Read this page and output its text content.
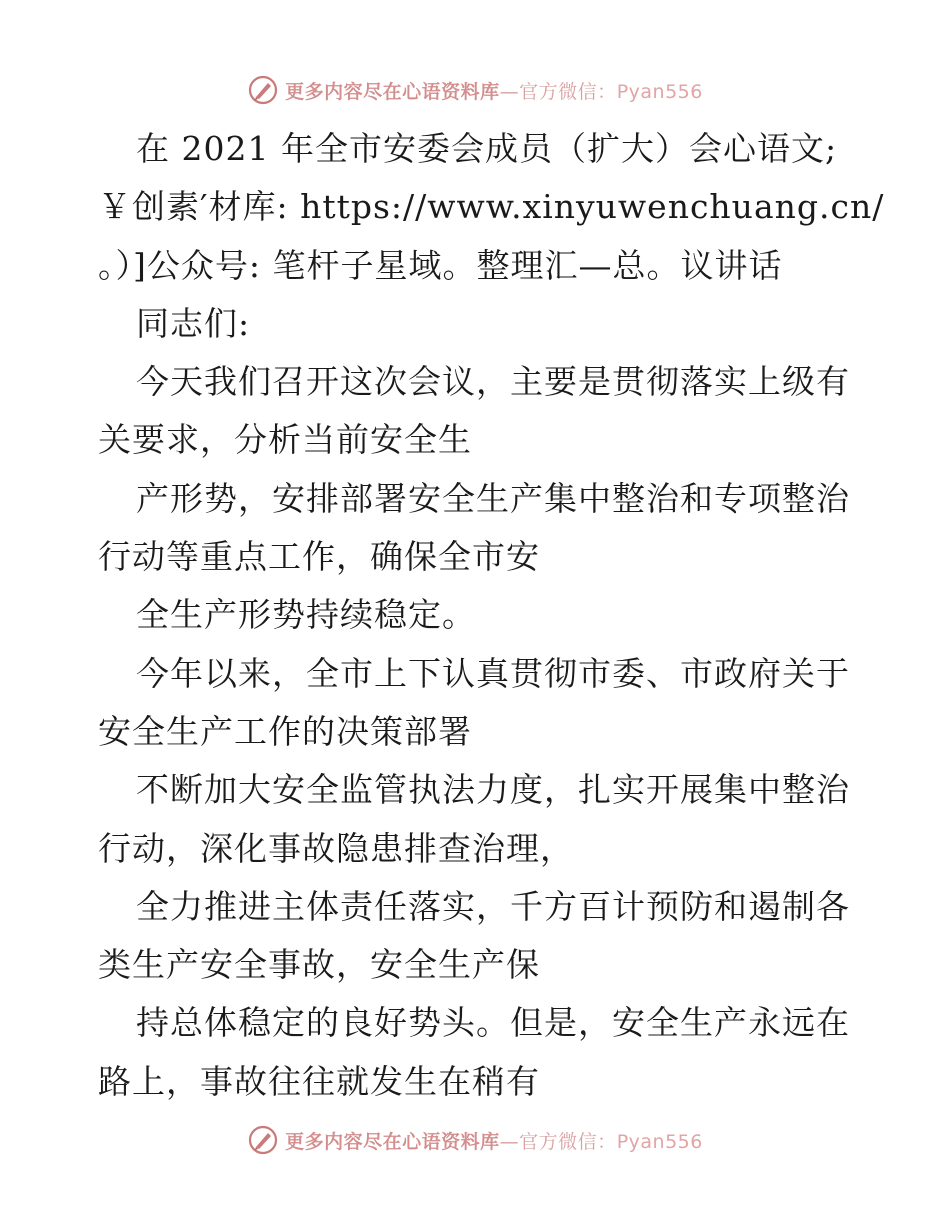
更多内容尽在心语资料库—官方微信：Pyan556
在 2021 年全市安委会成员（扩大）会心语文;
￥创素′材库: https://www.xinyuwenchuang.cn/
。）]公众号: 笔杆子星域。整理汇—总。议讲话
同志们:
今天我们召开这次会议，主要是贯彻落实上级有
关要求，分析当前安全生
产形势，安排部署安全生产集中整治和专项整治
行动等重点工作，确保全市安
全生产形势持续稳定。
今年以来，全市上下认真贯彻市委、市政府关于
安全生产工作的决策部署
不断加大安全监管执法力度，扎实开展集中整治
行动，深化事故隐患排查治理，
全力推进主体责任落实，千方百计预防和遏制各
类生产安全事故，安全生产保
持总体稳定的良好势头。但是，安全生产永远在
路上，事故往往就发生在稍有
更多内容尽在心语资料库—官方微信：Pyan556
